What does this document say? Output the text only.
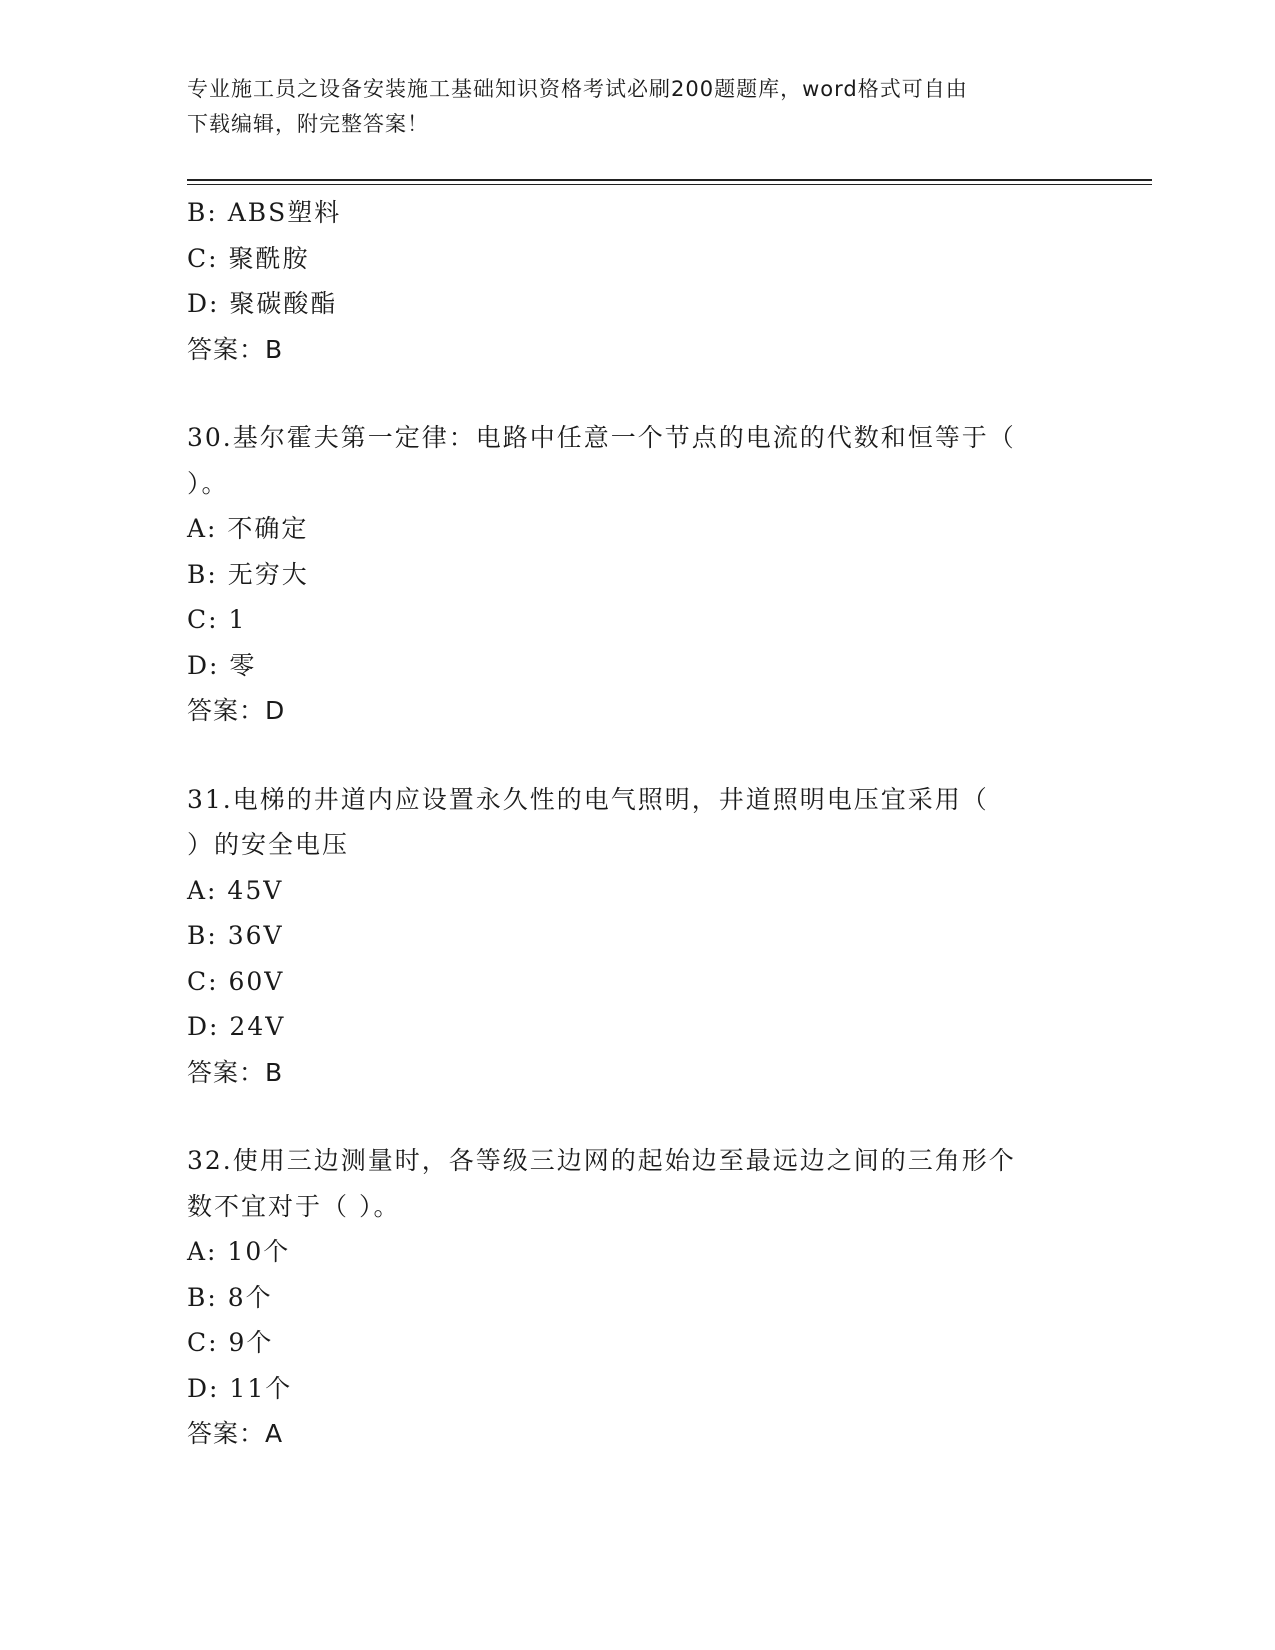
专业施工员之设备安装施工基础知识资格考试必刷200题题库，word格式可自由
下载编辑，附完整答案！
B: ABS塑料
C: 聚酰胺
D: 聚碳酸酯
答案：B
30.基尔霍夫第一定律：电路中任意一个节点的电流的代数和恒等于（
）。
A: 不确定
B: 无穷大
C: 1
D: 零
答案：D
31.电梯的井道内应设置永久性的电气照明，井道照明电压宜采用（
）的安全电压
A: 45V
B: 36V
C: 60V
D: 24V
答案：B
32.使用三边测量时，各等级三边网的起始边至最远边之间的三角形个
数不宜对于（ ）。
A: 10个
B: 8个
C: 9个
D: 11个
答案：A
